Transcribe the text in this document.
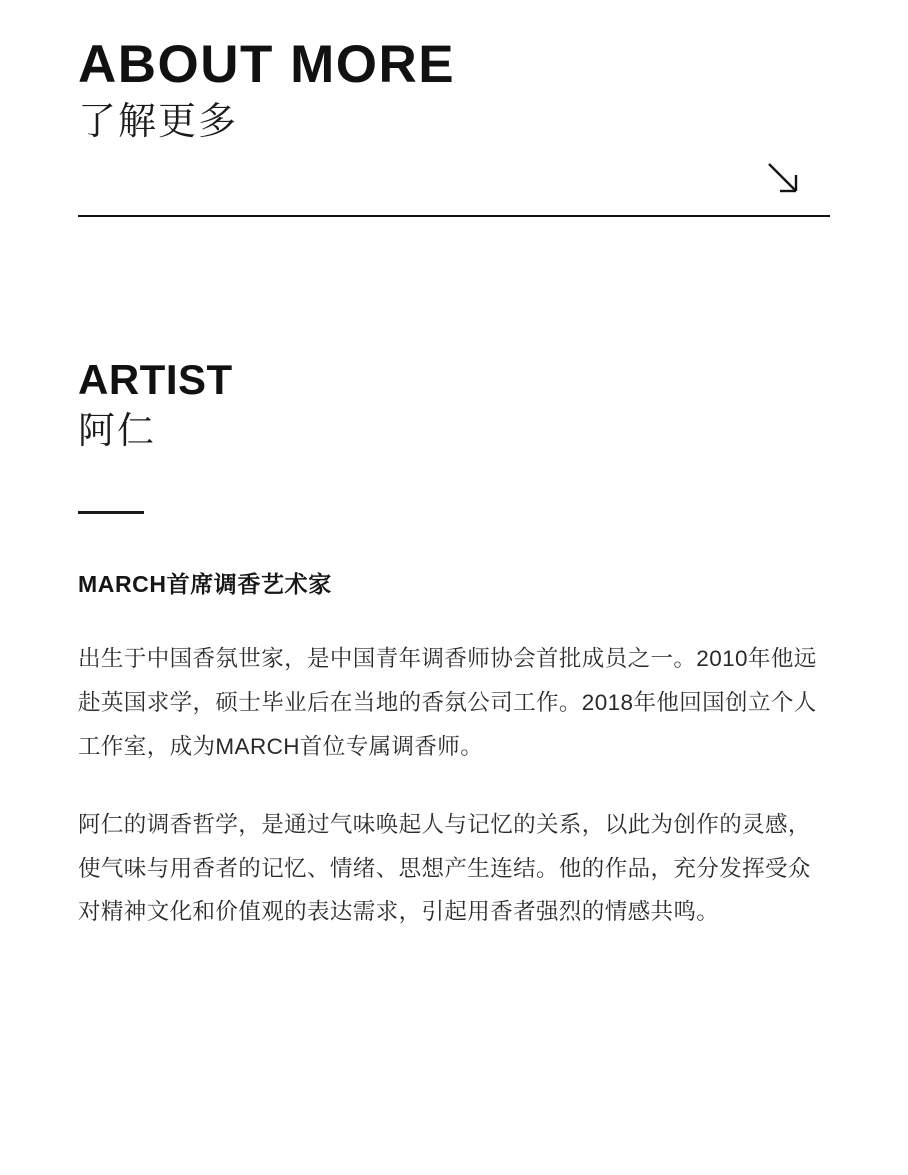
ABOUT MORE
了解更多
ARTIST
阿仁
MARCH首席调香艺术家

出生于中国香氛世家，是中国青年调香师协会首批成员之一。2010年他远赴英国求学，硕士毕业后在当地的香氛公司工作。2018年他回国创立个人工作室，成为MARCH首位专属调香师。

阿仁的调香哲学，是通过气味唤起人与记忆的关系，以此为创作的灵感，使气味与用香者的记忆、情绪、思想产生连结。他的作品，充分发挥受众对精神文化和价值观的表达需求，引起用香者强烈的情感共鸣。
